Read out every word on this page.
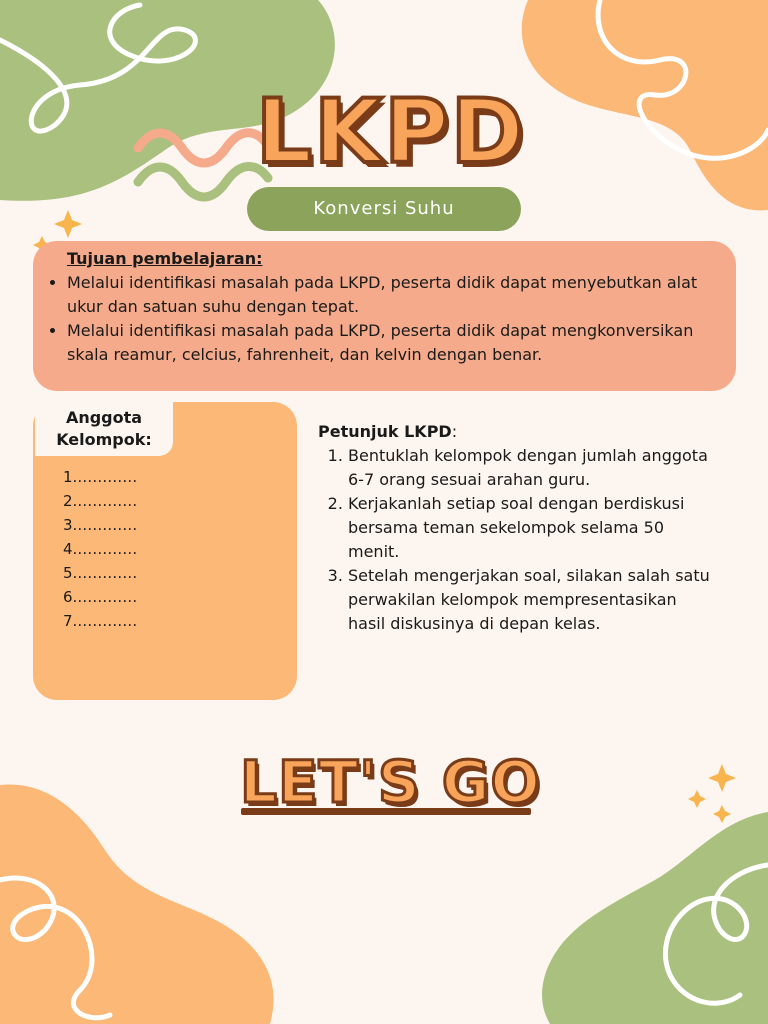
LKPD
Konversi Suhu
Tujuan pembelajaran:
• Melalui identifikasi masalah pada LKPD, peserta didik dapat menyebutkan alat ukur dan satuan suhu dengan tepat.
• Melalui identifikasi masalah pada LKPD, peserta didik dapat mengkonversikan skala reamur, celcius, fahrenheit, dan kelvin dengan benar.
1.…………
2.…………
3.…………
4.…………
5.…………
6.…………
7.…………
Anggota Kelompok:	Petunjuk LKPD:
1. Bentuklah kelompok dengan jumlah anggota 6-7 orang sesuai arahan guru.
2. Kerjakanlah setiap soal dengan berdiskusi bersama teman sekelompok selama 50 menit.
3. Setelah mengerjakan soal, silakan salah satu perwakilan kelompok mempresentasikan hasil diskusinya di depan kelas.
LET'S GO
